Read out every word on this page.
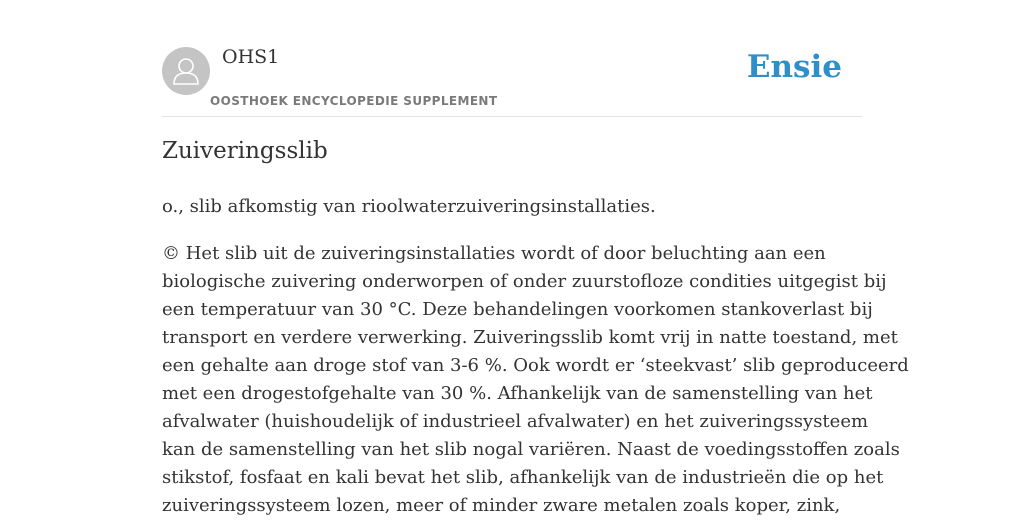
OHS1
OOSTHOEK ENCYCLOPEDIE SUPPLEMENT
Ensie
Zuiveringsslib

o., slib afkomstig van rioolwaterzuiveringsinstallaties.

© Het slib uit de zuiveringsinstallaties wordt of door beluchting aan een
biologische zuivering onderworpen of onder zuurstofloze condities uitgegist bij
een temperatuur van 30 °C. Deze behandelingen voorkomen stankoverlast bij
transport en verdere verwerking. Zuiveringsslib komt vrij in natte toestand, met
een gehalte aan droge stof van 3-6 %. Ook wordt er ‘steekvast’ slib geproduceerd
met een drogestofgehalte van 30 %. Afhankelijk van de samenstelling van het
afvalwater (huishoudelijk of industrieel afvalwater) en het zuiveringssysteem
kan de samenstelling van het slib nogal variëren. Naast de voedingsstoffen zoals
stikstof, fosfaat en kali bevat het slib, afhankelijk van de industrieën die op het
zuiveringssysteem lozen, meer of minder zware metalen zoals koper, zink,
